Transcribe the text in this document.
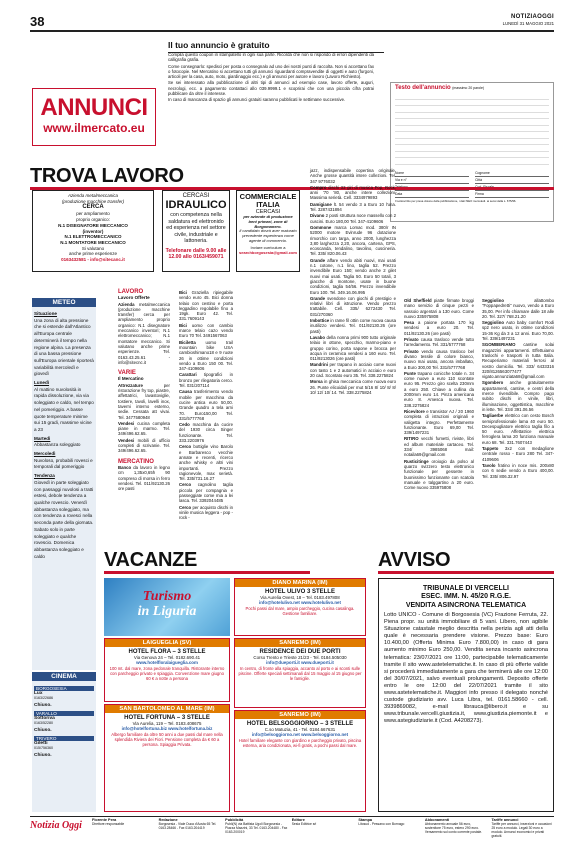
38	NOTIZIAOGGI
LUNEDÌ 31 MAGGIO 2021
ANNUNCI
www.ilmercato.eu
Il tuo annuncio è gratuito

Compila questo coupon in stampatello in ogni sua parte. Ricorda che non si rispondo di errori dipendenti da calligrafia grafia.

Come consegnarlo: spedisci per posta o consegnalo ad uno dei nostri punti di raccolta. Non si accettano fax o fotocopie. Nel Mercatino si accettano tutti gli annunci riguardanti compravendite di oggetti e auto (furgoni, articoli per la casa, auto, moto, giardinaggio ecc.) e gli annunci per autore e lavoro (Lavoro Richiesto).

Se sei interessato alla pubblicazione di altri tipi di annunci ad esempio case, lavoro offerte, auguri, necrologi, ecc. a pagamento contattaci allo 039.9999.1 e scoprirai che con una piccola cifra potrai pubblicare da oltre il interesse.

In caso di mancanza di spazio gli annunci gratuiti saranno pubblicati le settimane successive.

Testo dell'annuncio (massimo 20 parole)
Nome	Cognome
Via e n°	Città
Data	Firma
Il sottoscritto per presa visione della pubblicazione, i dati ISEO mercoledì. ai sensi della L. 675/96.
TROVA LAVORO
Azienda metalmeccanica
(produzione macchine transfer)
CERCA
per ampliamento
proprio organico:
N.1 DISEGNATORE MECCANICO
(inventor)
N.1 ELETTROMECCANICO
N.1 MONTATORE MECCANICO
Si valutano
anche prime esperienze
0163432581 - info@sitecanc.it
CERCASI
IDRAULICO
con competenza nella saldatura ed elettronido ed esperienza nel settore civile, industriale e lattoneria.
Telefonare dalle 9.00 alle 12.00 allo 0163/459071
COMMERCIALE ITALIA
CERCASI
per aziende di produzione beni primari, zone di Borgomanero.
Il candidato dovrà aver maturato precedente esperienza come agente di commercio.
Inviare curriculum a
searchborgosesia@gmail.com
METEO
Situazione
Una zona di alta pressione che si estende dall'Atlantico all'Europa centrale determinerà il tempo nella regione alpina. La presenza di una bassa pressione sull'Europa orientale riporterà variabilità mercoledì e giovedì
Lunedì
Al mattino nuvolosità in rapida dissoluzione, via via soleggiato e caldo, nel tempo nel pomeriggio. A basse quote temperature minime sui 15 gradi, massime vicine a 23
Martedì
Abbastanza soleggiato
Mercoledì
Nuvoloso, probabili rovesci e temporali dal pomeriggio
Tendenza
Giovedì in parte soleggiato con passaggi nuvolosi a tratti estesi, debole tendenza a qualche rovescio. Venerdì abbastanza soleggiato, ma con tendenza a rovesci nella seconda parte della giornata. Sabato solo in parte soleggiato e qualche rovescio. Domenica abbastanza soleggiato e caldo
CINEMA
BORGOSESIA
Lux
0163/22686
Chiuso.
VARALLO
Sottoriva
0163/52280
Chiuso.
TRIVERO
Giletti
015/756360
Chiuso.
LAVORO
Lavoro Offerte

Azienda metalmeccanica (produzione macchine transfer) cerca per ampliamento proprio organico: N.1 disegnatore meccanico inventori; N.1 elettromeccanico; N.1 montatore meccanico. Si valutano anche prime esperienze. Tel. 0163.43.25.61 - info@sitecnc.it

VARIE
Il Mercatino

Attrezzature	per ristorazione fry top, piastre, affettatrici, lavastoviglie, tostiere, tavoli, lavelli inox, taverni interno esterno, sedie. Cessata att vivai. Tel. 3477580948

Vendesi cucina completa piane in marmo. Tel. 349/496.62.65.

Vendesi mobili di ufficio completi di scrivanie. Tel. 349/496.62.65.

MERCATINO

Banco da lavoro in legno cm 1,35x0,65h 90 compreso di morsa in ferro vendesi. Tel. 011/92130.26 ore pasti

Bici Graziella ripiegabile vendo euro 45. Bici donna telaio con cestino e porta leggadino regolabile fino a 19gk. Euro 42. Tel. 331.7609143

Bici uomo con cambio marce telaio cazo vendo Euro 70 Tel. 3491567063

Biciletta uomo trail mountain bike USA cambioshimano18 e 9 ruote 26 in ottime condizioni vendo a Euro 150 00. Tel. 347-4109606

Carattari tipografici in bronzo per rilegatoria cerco. Tel. 031/207114

Causa trasferimento vendo mobile per macchina da cucire antica euro 50,00. Grande quadro a tela arni 70. Euro150,00 Tel. 331/5777768

Cedo macchina da cucire del 1930 circa Singer funzionante. Tel. 333.2203976

Cerco bottiglie vino Barolo e Barbaresco vecchie annate e recenti, ricerco anche whisky e altri vini importanti. Prezzo ragionevole, max serietà. Tel. 335/731.16.27

Cerco cagnolino taglia piccola per compagnia e passeggiate come mia a lei lasca. Tel. 3392044485

Cerco per acquisto dischi in vinile musica leggera - pop - rock -

jazz, indispensabile copertina originale. Anche grosse quantità intere collezioni. Tel. 347 9776032

Compro dischi 33 giri di musica Pop, Rock, anni '70 '80, anche intere collezioni. Massima serietà. Cell. 3334979893

Damigiane lt. 54 vendo 3 a Euro 10 l'una. Tel. 3287431894

Divano 2 posti struttura noce massello con 2 cuscini. Euro 180,00 Tel. 347-4109606

Gommone marca Lomac mod. 380/r IN 52000 motore Evinrude 96 dotazione rimorchio con targa, anno 2000, lunghezza 3,80 larghezza 2,20, ancora, cartena, GPS, ecoscanda, tendalino, tavolino, cuscineria. Tel. 335/ 820.06.43

Grande affare vendo abiti nuovi, mai usati n.1 cotone, n.1 lino, taglia 52. Prezzo invendibile Euro 150; vendo anche 2 gilet nuovi mai usati. Taglia 50. Euro 50 totali, 3 giacche di montone, usate in buone condizioni, taglia 54/56. Prezzo invendibile Euro 100. Tel. 349.16.06.995

Grande svendone con giochi di prestigio e relativi libri di istruzione. Vendo prezzo trattabile. Cell. 335/ 6272430 Tel. 031/270360

Imbottice in rame fil ottin come nuova causa inutilizzo vendesi. Tel. 011/92130.26 (ore pasti)

Lavabo della nonna primi 900 tutto originale telaio in ottone, specchio, marmo-piano e gruppo corino, porta sapone e brocca per acqua in ceramica vendesi a 160 euro. Tel. 011/9213026 (ore pasti)

Mandrini per trapano in acciaio come nuovi con tasto 1 e 2 automatici in acciaio e euro 20 cad. Scontato euro 35. Tel. 338.2275824

Morsa in ghisa meccanica come nuova euro 26. Punte elicoidali per mut 5/16 8/ 10/ 8/ 8/ 10/ 12/ 10/ 14. Tel. 338.2275824

Old Sheffield piatte firmate broggi mano servizio di cinque pezzi e vassoio argentari a 130 euro. Come nuovo 335975808

Pesa a paione portata 170 kg vendesi a euro 20. Tel. 011/92130.26 (ore pasti)

Privato causa trasloco vende tutto l'arredamento. Tel. 331/5777768

Privato vendo causa trasloco bel divano tessile di colore bianco, nuovo mai usato, ancora imballato, a Euro 300,00 Tel. 331/5777768

Punte trapano conicche totale n. 34 come nuove a euro 110 scontate euro 95. Prezzo giro scelta 230mm a euro 250. Chiave a cullina da 2000mm euro 14. Pinza americana euro 8. Amesca nuova. Tel. 338.2275824

Ricevitore e transistor AJ / 20 1960 completa di istruzioni originali e valigetta integro. Perfettamente funzionante. Euro 69,00 Tel. 339/1497231

RITIRO vecchi fumetti, riviste, libri ed album materiale cartaceo. Tel. 334/ 3985068 mail: notaila69@gmail.com

Rusticitinge oroiogio da polso al quarzo svizzero testo elettronico funzionale per gessetre in buonissimo funzionante con scatola manuale e talggartino a 20 euro. Come nuovo 335975808

Seggiolino	allattombo "Foppapedretti" nuovo, vendo a Euro 35,00. Per info chiamare dalle 18 alle 20. Tel. 327/ 768.21.20

Seggiolino Auto baby comfort Rodi sp2 nero usato, in ottime condizioni 15-36 Kg da 3 a 12 anni. Euro 70,00. Tel. 339/1497231

SGOMBERIAMO cantine solai magazzini appartamenti. Effettuiamo traslochi e trasporti in tutta Italia. Recuperiamo materiali ferrosi al vostro domicilio. Tel. 333/ 6433316 320/8126563077477 vigato.annunziata68@gmail.com

Sgombero anche gratuitamente appartamenti, cantine, e centri della merce rivendibile. Compro pago subito dischi in vinile, libri, illuminazione, oggettistica, macchine in lette. Tel. 334/ 391.06.56

Tagliaerbe elettrico con cesto Bosch semiprofessionale lama 40 euro 50. Decespugliatore elettrico taglia filo a 50 euro. Affettatrice elettrica ferroglera lama 20 funziona manuale euro 68. Tel. 331.7607443

Tappeto 3x2 con medaglione centrale rosso - Euro 280 Tel. 347-4109606

Tavolo fratino in noce mis. 200x80 con 6 sedie vendo a Euro 400,00. Tel. 335/ 806.32.97

VACANZE
Turismo
in Liguria
LAIGUEGLIA (SV)
HOTEL FLORA – 3 STELLE
Via Genova 24 – Tel. 0182.690.41
www.hotelfloralaigueglia.com
100 mt. dal mare, zona pedonale tranquilla. Ristorante interno con parcheggio privato e spiaggia. Convenzione mare giugno 60 € a notte a persona
SAN BARTOLOMEO AL MARE (IM)
HOTEL FORTUNA – 3 STELLE
Via Aurelia, 119 – Tel. 0183.408675
info@hotelfortuna.biz www.hotelfortuna.biz
Albergo familiare da oltre 50 anni a due passi dal mare nella splendida Riviera dei Fiori. Pensione completa da € 60 a persona. Spiaggia Privata.
DIANO MARINA (IM)
HOTEL ULIVO 3 STELLE
Via Aurelia Ovest, 18 – Tel. 0183.497808
info@hotelulivo.net www.hotelulivo.net
Pochi passi dal mare, ampio parcheggio, cucina casalinga. Gestione familiare.
SANREMO (IM)
RESIDENCE DEI DUE PORTI
Corso Trento e Trieste 21/23 - Tel. 0184.505030
info@dueporti.it www.dueporti.it
In centro, di fronte alla spiaggia, accanto al porto e ai sconti sulle piscine. Offerte speciali settimanali dal 15 maggio al 15 giugno per le famiglie.
SANREMO (IM)
HOTEL BELSOGGIORNO – 3 STELLE
C.so Matuzia, 41 - Tel. 0184.667631
info@belsoggiorno.net www.belsoggiorno.net
Hotel familiare elegante con giardino e parcheggio privato, piscina esterna, aria condizionata, wi-fi gratis, a pochi passi dal mare.
AVVISO
TRIBUNALE DI VERCELLI
ESEC. IMM. N. 45/20 R.G.E.
VENDITA ASINCRONA TELEMATICA
Lotto UNICO - Comune di Borgosesia (VC) Frazione Ferruta, 22. Piena propr. su unità immobiliare di 5 vani. Libero, non agibile Situazione catastale meglio descritta nella perizia agli atti della quale è necessaria prendere visione. Prezzo base: Euro 10.400,00 (Offerta Minima Euro 7.800,00) in caso di gara aumento minimo Euro 250,00. Vendita senza incanto asincrona telematica: 23/07/2021 ore 11:00, partecipabile telematicamente tramite il sito www.astetelematiche.it. In caso di più offerte valide si procederà immediatamente a gara che terminerà alle ore 12:00 del 30/07/2021, salvo eventuali prolungamenti. Deposito offerte entro le ore 12:00 del 22/07/2021 tramite il sito www.astetelematiche.it. Maggiori info presso il delegato nonché custode giudiziario avv. Luca Libra, tel. 0161.58660 - cell. 3939869082, e-mail librauca@libero.it e su www.tribunale.vercelli.giustizia.it, www.giustizia.piemonte.it e www.astegiudiziarie.it (Cod. A4208273).
Notizia Oggi	Fiorente Pera
Direttore responsabile
Redazione
Borgosesia - Viale Duca d'Aosta 65 Tel. 0163.28466 - Fax 0163.204419
Pubblicità
Publi(N) via Battista Ugoli Borgosesia - Piazza Mazzini, 33 Tel. 0163.204480 - Fax 0163.200019
Editore
Sesia Editrice srl
Stampa
Litosud - Pessano con Bornago
Abbonamenti
Abbonamento annuale 56 euro, sostenitore 75 euro, estero 290 euro. Versamento sul conto corrente postale.
Tariffe annunci
Tariffe per annunci, inserzioni e occasioni 25 euro a modulo. Legali 30 euro a modulo. Annunci economici e privati gratuiti.
